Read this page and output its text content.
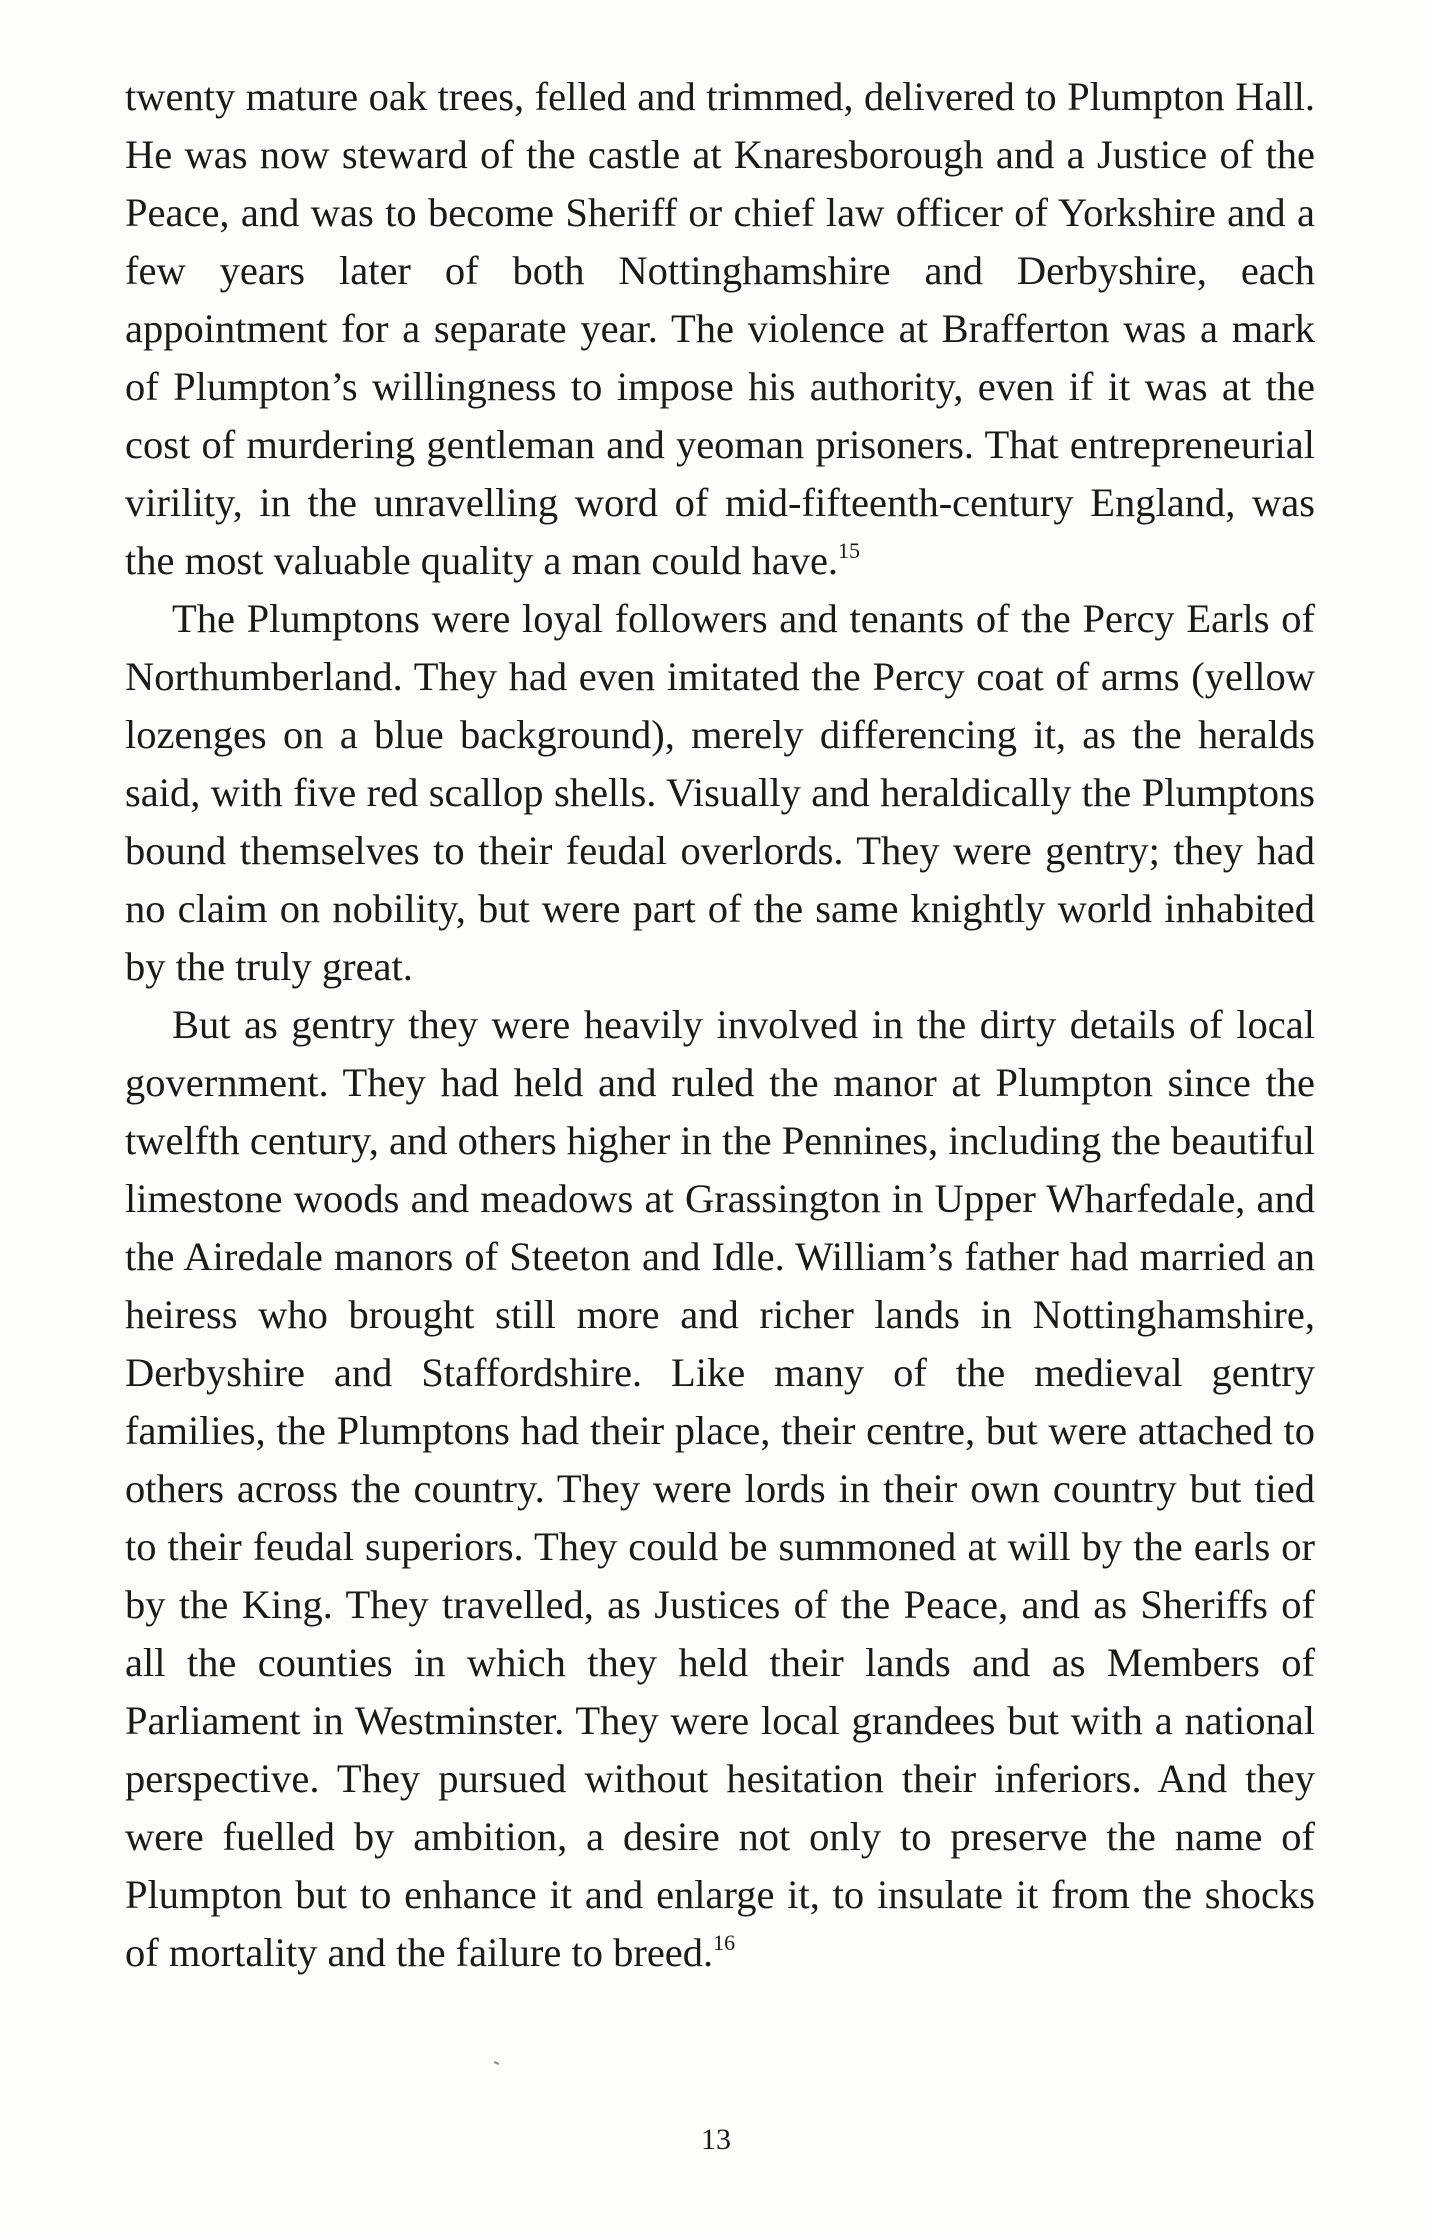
twenty mature oak trees, felled and trimmed, delivered to Plumpton Hall. He was now steward of the castle at Knaresborough and a Justice of the Peace, and was to become Sheriff or chief law officer of Yorkshire and a few years later of both Nottinghamshire and Derbyshire, each appointment for a separate year. The violence at Brafferton was a mark of Plumpton’s willingness to impose his authority, even if it was at the cost of murdering gentleman and yeoman prisoners. That entrepreneurial virility, in the unravelling word of mid-fifteenth-century England, was the most valuable quality a man could have.$^{15}$

The Plumptons were loyal followers and tenants of the Percy Earls of Northumberland. They had even imitated the Percy coat of arms (yellow lozenges on a blue background), merely differencing it, as the heralds said, with five red scallop shells. Visually and heraldically the Plumptons bound themselves to their feudal overlords. They were gentry; they had no claim on nobility, but were part of the same knightly world inhabited by the truly great.

But as gentry they were heavily involved in the dirty details of local government. They had held and ruled the manor at Plumpton since the twelfth century, and others higher in the Pennines, including the beautiful limestone woods and meadows at Grassington in Upper Wharfedale, and the Airedale manors of Steeton and Idle. William’s father had married an heiress who brought still more and richer lands in Nottinghamshire, Derbyshire and Staffordshire. Like many of the medieval gentry families, the Plumptons had their place, their centre, but were attached to others across the country. They were lords in their own country but tied to their feudal superiors. They could be summoned at will by the earls or by the King. They travelled, as Justices of the Peace, and as Sheriffs of all the counties in which they held their lands and as Members of Parliament in Westminster. They were local grandees but with a national perspective. They pursued without hesitation their inferiors. And they were fuelled by ambition, a desire not only to preserve the name of Plumpton but to enhance it and enlarge it, to insulate it from the shocks of mortality and the failure to breed.$^{16}$

13
